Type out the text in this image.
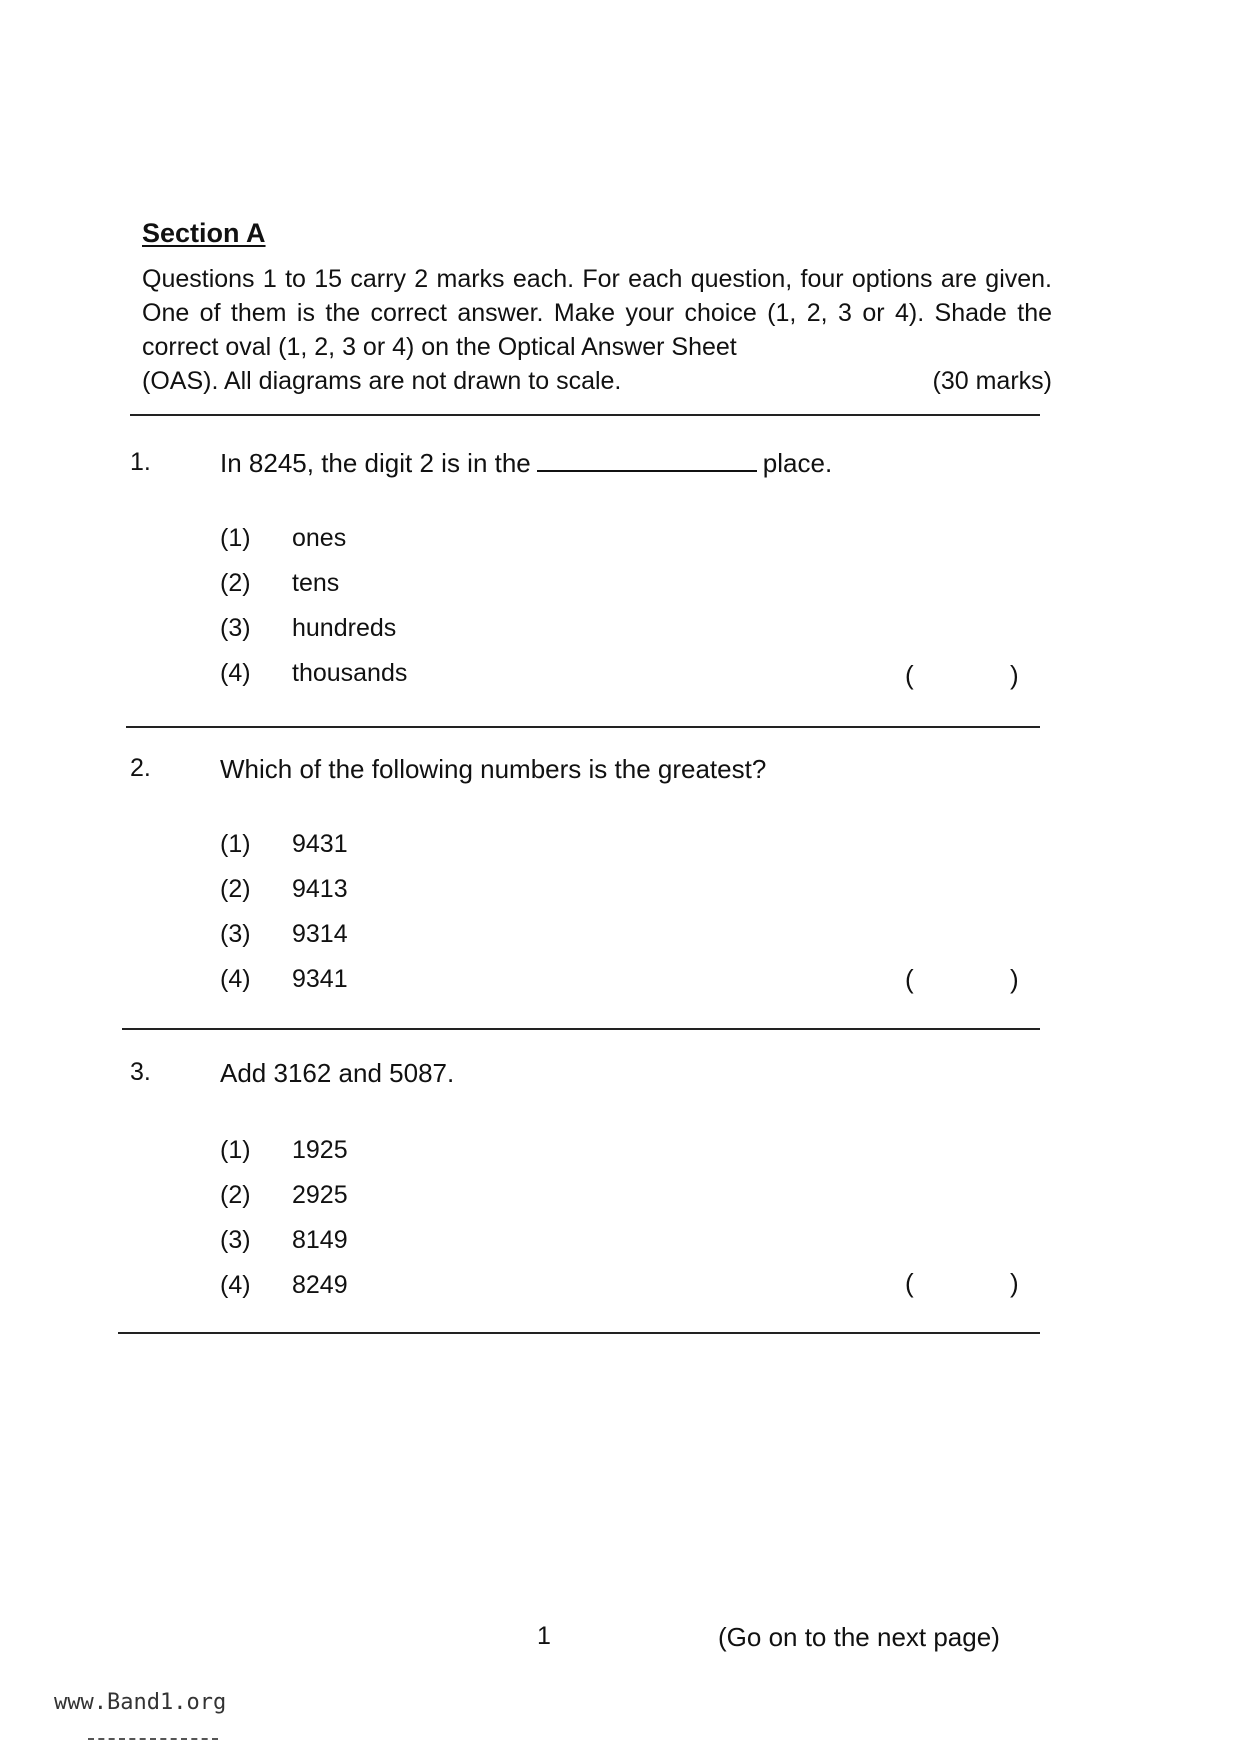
Section A
Questions 1 to 15 carry 2 marks each. For each question, four options are given. One of them is the correct answer. Make your choice (1, 2, 3 or 4). Shade the correct oval (1, 2, 3 or 4) on the Optical Answer Sheet
(OAS). All diagrams are not drawn to scale.	(30 marks)
1.	In 8245, the digit 2 is in the	place.
(1)	ones
(2)	tens
(3)	hundreds
(4)	thousands	(	)
2.	Which of the following numbers is the greatest?
(1)	9431
(2)	9413
(3)	9314
(4)	9341	(	)
3.	Add 3162 and 5087.
(1)	1925
(2)	2925
(3)	8149
(4)	8249	(	)
1	(Go on to the next page)
www.Band1.org
